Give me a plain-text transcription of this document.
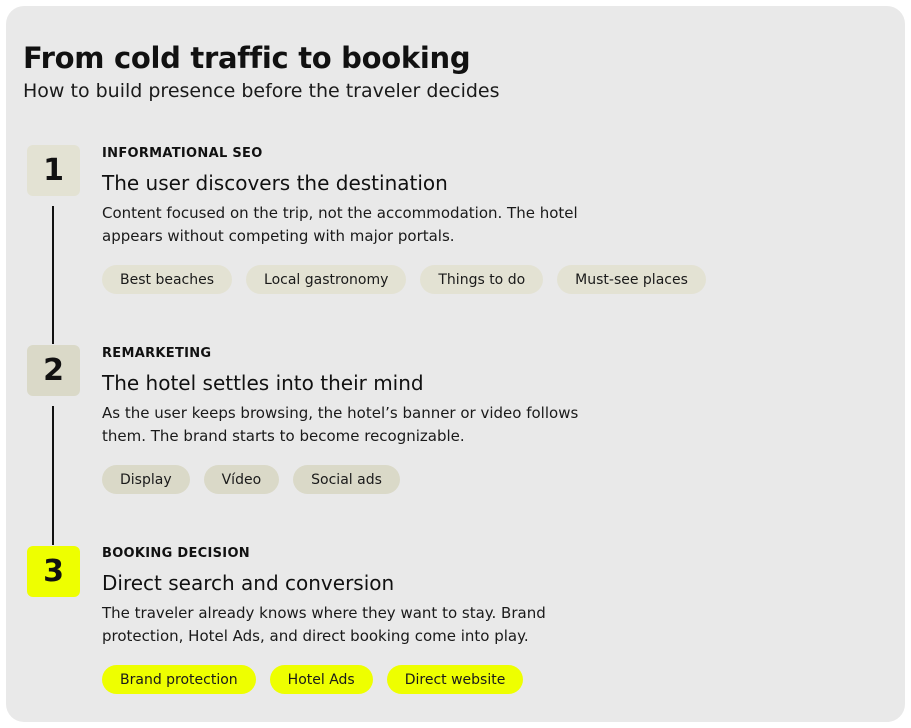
From cold traffic to booking

How to build presence before the traveler decides

1	INFORMATIONAL SEO
The user discovers the destination
Content focused on the trip, not the accommodation. The hotel appears without competing with major portals.
Best beaches	Local gastronomy	Things to do	Must-see places
2	REMARKETING
The hotel settles into their mind
As the user keeps browsing, the hotel’s banner or video follows them. The brand starts to become recognizable.
Display	Vídeo	Social ads
3
BOOKING DECISION
Direct search and conversion
The traveler already knows where they want to stay. Brand protection, Hotel Ads, and direct booking come into play.
Brand protection	Hotel Ads	Direct website
